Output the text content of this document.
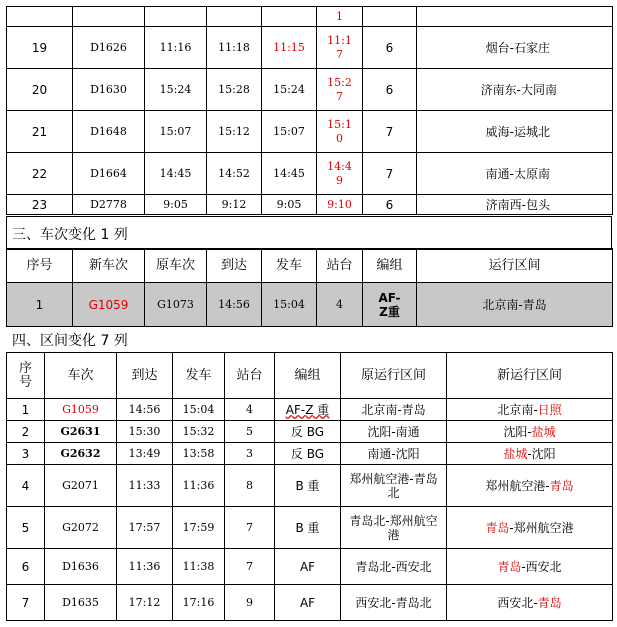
					1		
19	D1626	11:16	11:18	11:15	11:17	6	烟台-石家庄
20	D1630	15:24	15:28	15:24	15:27	6	济南东-大同南
21	D1648	15:07	15:12	15:07	15:10	7	威海-运城北
22	D1664	14:45	14:52	14:45	14:49	7	南通-太原南
23	D2778	9:05	9:12	9:05	9:10	6	济南西-包头
三、车次变化 1 列
序号	新车次	原车次	到达	发车	站台	编组	运行区间
1	G1059	G1073	14:56	15:04	4	AF-Z重	北京南-青岛
四、区间变化 7 列
序号	车次	到达	发车	站台	编组	原运行区间	新运行区间
1	G1059	14:56	15:04	4	AF-Z 重	北京南-青岛	北京南-日照
2	G2631	15:30	15:32	5	反 BG	沈阳-南通	沈阳-盐城
3	G2632	13:49	13:58	3	反 BG	南通-沈阳	盐城-沈阳
4	G2071	11:33	11:36	8	B 重	郑州航空港-青岛北	郑州航空港-青岛
5	G2072	17:57	17:59	7	B 重	青岛北-郑州航空港	青岛-郑州航空港
6	D1636	11:36	11:38	7	AF	青岛北-西安北	青岛-西安北
7	D1635	17:12	17:16	9	AF	西安北-青岛北	西安北-青岛
